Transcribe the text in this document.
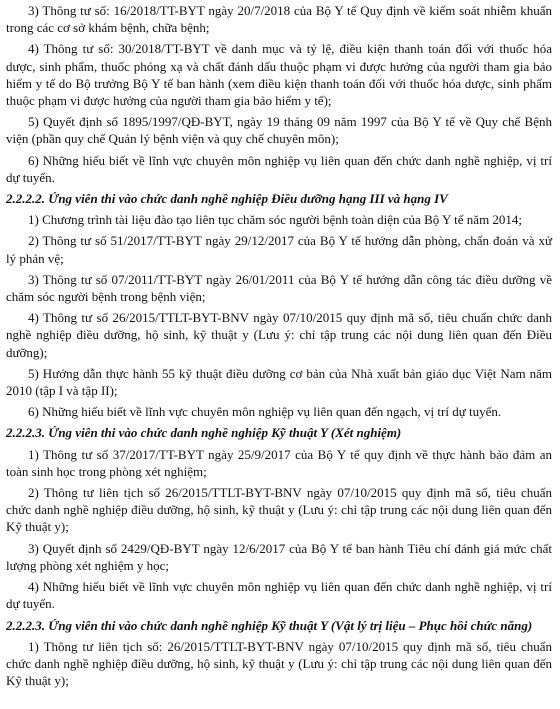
3) Thông tư số: 16/2018/TT-BYT ngày 20/7/2018 của Bộ Y tế Quy định về kiểm soát nhiễm khuẩn trong các cơ sở khám bệnh, chữa bệnh;

4) Thông tư số: 30/2018/TT-BYT về danh mục và tỷ lệ, điều kiện thanh toán đối với thuốc hóa dược, sinh phẩm, thuốc phóng xạ và chất đánh dấu thuộc phạm vi được hưởng của người tham gia bảo hiểm y tế do Bộ trưởng Bộ Y tế ban hành (xem điều kiện thanh toán đối với thuốc hóa dược, sinh phẩm thuộc phạm vi được hưởng của người tham gia bảo hiểm y tế);

5) Quyết định số 1895/1997/QĐ-BYT, ngày 19 tháng 09 năm 1997 của Bộ Y tế về Quy chế Bệnh viện (phần quy chế Quản lý bệnh viện và quy chế chuyên môn);

6) Những hiểu biết về lĩnh vực chuyên môn nghiệp vụ liên quan đến chức danh nghề nghiệp, vị trí dự tuyển.

2.2.2.2. Ứng viên thi vào chức danh nghề nghiệp Điều dưỡng hạng III và hạng IV

1) Chương trình tài liệu đào tạo liên tục chăm sóc người bệnh toàn diện của Bộ Y tế năm 2014;

2) Thông tư số 51/2017/TT-BYT ngày 29/12/2017 của Bộ Y tế hướng dẫn phòng, chẩn đoán và xử lý phản vệ;

3) Thông tư số 07/2011/TT-BYT ngày 26/01/2011 của Bộ Y tế hướng dẫn công tác điều dưỡng về chăm sóc người bệnh trong bệnh viện;

4) Thông tư số 26/2015/TTLT-BYT-BNV ngày 07/10/2015 quy định mã số, tiêu chuẩn chức danh nghề nghiệp điều dưỡng, hộ sinh, kỹ thuật y (Lưu ý: chỉ tập trung các nội dung liên quan đến Điều dưỡng);

5) Hướng dẫn thực hành 55 kỹ thuật điều dưỡng cơ bản của Nhà xuất bản giáo dục Việt Nam năm 2010 (tập I và tập II);

6) Những hiểu biết về lĩnh vực chuyên môn nghiệp vụ liên quan đến ngạch, vị trí dự tuyển.

2.2.2.3. Ứng viên thi vào chức danh nghề nghiệp Kỹ thuật Y (Xét nghiệm)

1) Thông tư số 37/2017/TT-BYT ngày 25/9/2017 của Bộ Y tế quy định về thực hành bảo đảm an toàn sinh học trong phòng xét nghiệm;

2) Thông tư liên tịch số 26/2015/TTLT-BYT-BNV ngày 07/10/2015 quy định mã số, tiêu chuẩn chức danh nghề nghiệp điều dưỡng, hộ sinh, kỹ thuật y (Lưu ý: chỉ tập trung các nội dung liên quan đến Kỹ thuật y);

3) Quyết định số 2429/QĐ-BYT ngày 12/6/2017 của Bộ Y tế ban hành Tiêu chí đánh giá mức chất lượng phòng xét nghiệm y học;

4) Những hiểu biết về lĩnh vực chuyên môn nghiệp vụ liên quan đến chức danh nghề nghiệp, vị trí dự tuyển.

2.2.2.3. Ứng viên thi vào chức danh nghề nghiệp Kỹ thuật Y (Vật lý trị liệu – Phục hồi chức năng)

1) Thông tư liên tịch số: 26/2015/TTLT-BYT-BNV ngày 07/10/2015 quy định mã số, tiêu chuẩn chức danh nghề nghiệp điều dưỡng, hộ sinh, kỹ thuật y (Lưu ý: chỉ tập trung các nội dung liên quan đến Kỹ thuật y);
